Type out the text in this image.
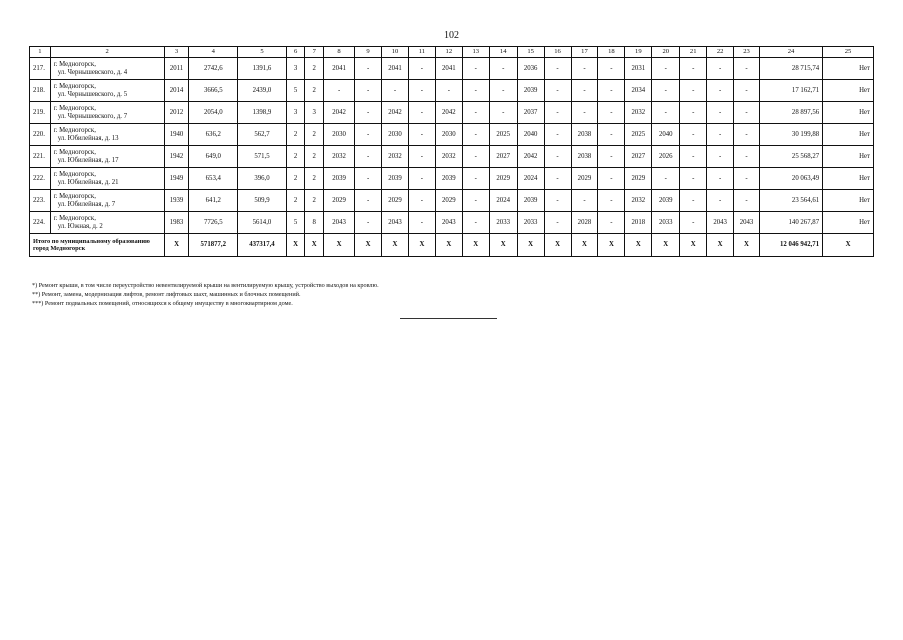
102
1	2	3	4	5	6	7	8	9	10	11	12	13	14	15	16	17	18	19	20	21	22	23	24	25
217.	г. Медногорск,
ул. Чернышевского, д. 4	2011	2742,6	1391,6	3	2	2041	-	2041	-	2041	-	-	2036	-	-	-	2031	-	-	-	-	28 715,74	Нет
218.	г. Медногорск,
ул. Чернышевского, д. 5	2014	3666,5	2439,0	5	2	-	-	-	-	-	-	-	2039	-	-	-	2034	-	-	-	-	17 162,71	Нет
219.	г. Медногорск,
ул. Чернышевского, д. 7	2012	2054,0	1398,9	3	3	2042	-	2042	-	2042	-	-	2037	-	-	-	2032	-	-	-	-	28 897,56	Нет
220.	г. Медногорск,
ул. Юбилейная, д. 13	1940	636,2	562,7	2	2	2030	-	2030	-	2030	-	2025	2040	-	2038	-	2025	2040	-	-	-	30 199,88	Нет
221.	г. Медногорск,
ул. Юбилейная, д. 17	1942	649,0	571,5	2	2	2032	-	2032	-	2032	-	2027	2042	-	2038	-	2027	2026	-	-	-	25 568,27	Нет
222.	г. Медногорск,
ул. Юбилейная, д. 21	1949	653,4	396,0	2	2	2039	-	2039	-	2039	-	2029	2024	-	2029	-	2029	-	-	-	-	20 063,49	Нет
223.	г. Медногорск,
ул. Юбилейная, д. 7	1939	641,2	509,9	2	2	2029	-	2029	-	2029	-	2024	2039	-	-	-	2032	2039	-	-	-	23 564,61	Нет
224.	г. Медногорск,
ул. Южная, д. 2	1983	7726,5	5614,0	5	8	2043	-	2043	-	2043	-	2033	2033	-	2028	-	2018	2033	-	2043	2043	140 267,87	Нет
Итого по муниципальному образованию город Медногорск		Х	571877,2	437317,4	Х	Х	Х	Х	Х	Х	Х	Х	Х	Х	Х	Х	Х	Х	Х	Х	Х	Х	12 046 942,71	Х
*) Ремонт крыши, в том числе переустройство невентилируемой крыши на вентилируемую крышу, устройство выходов на кровлю.
**) Ремонт, замена, модернизация лифтов, ремонт лифтовых шахт, машинных и блочных помещений.
***) Ремонт подвальных помещений, относящихся к общему имуществу в многоквартирном доме.
